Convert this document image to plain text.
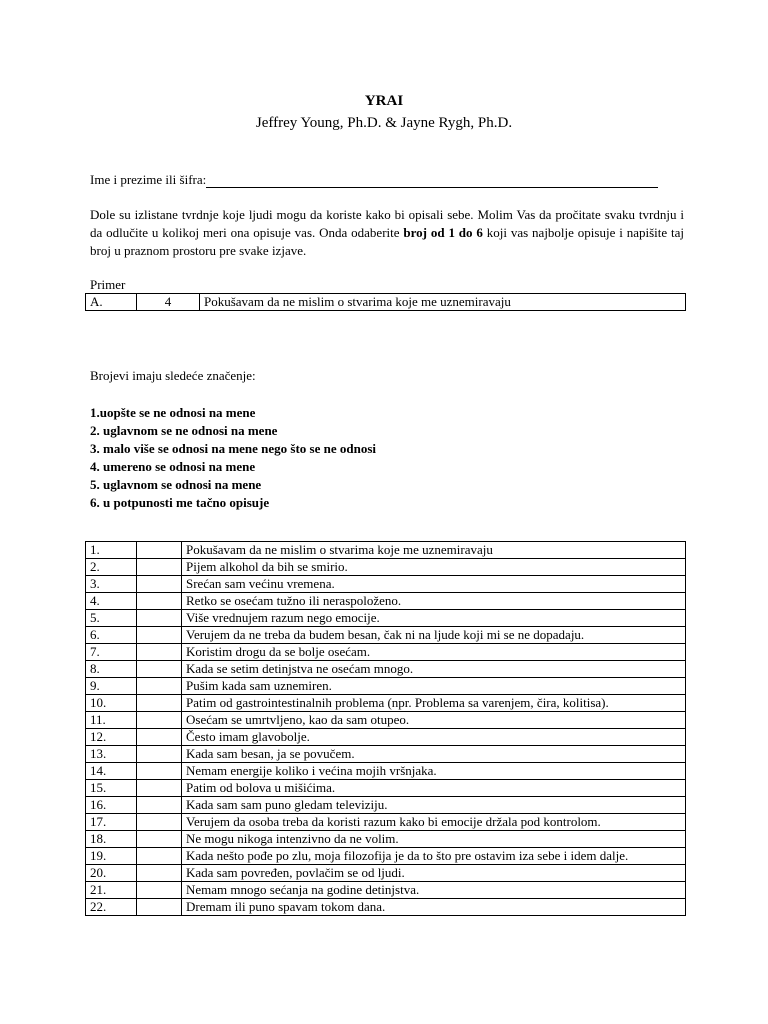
YRAI
Jeffrey Young, Ph.D. & Jayne Rygh, Ph.D.
Ime i prezime ili šifra:
Dole su izlistane tvrdnje koje ljudi mogu da koriste kako bi opisali sebe. Molim Vas da pročitate svaku tvrdnju i da odlučite u kolikoj meri ona opisuje vas. Onda odaberite broj od 1 do 6 koji vas najbolje opisuje i napišite taj broj u praznom prostoru pre svake izjave.
Primer
A.	4	Pokušavam da ne mislim o stvarima koje me uznemiravaju
Brojevi imaju sledeće značenje:
1.uopšte se ne odnosi na mene
2. uglavnom se ne odnosi na mene
3. malo više se odnosi na mene nego što se ne odnosi
4. umereno se odnosi na mene
5. uglavnom se odnosi na mene
6. u potpunosti me tačno opisuje
1.		Pokušavam da ne mislim o stvarima koje me uznemiravaju
2.		Pijem alkohol da bih se smirio.
3.		Srećan sam većinu vremena.
4.		Retko se osećam tužno ili neraspoloženo.
5.		Više vrednujem razum nego emocije.
6.		Verujem da ne treba da budem besan, čak ni na ljude koji mi se ne dopadaju.
7.		Koristim drogu da se bolje osećam.
8.		Kada se setim detinjstva ne osećam mnogo.
9.		Pušim kada sam uznemiren.
10.		Patim od gastrointestinalnih problema (npr. Problema sa varenjem, čira, kolitisa).
11.		Osećam se umrtvljeno, kao da sam otupeo.
12.		Često imam glavobolje.
13.		Kada sam besan, ja se povučem.
14.		Nemam energije koliko i većina mojih vršnjaka.
15.		Patim od bolova u mišićima.
16.		Kada sam sam puno gledam televiziju.
17.		Verujem da osoba treba da koristi razum kako bi emocije držala pod kontrolom.
18.		Ne mogu nikoga intenzivno da ne volim.
19.		Kada nešto pođe po zlu, moja filozofija je da to što pre ostavim iza sebe i idem dalje.
20.		Kada sam povređen, povlačim se od ljudi.
21.		Nemam mnogo sećanja na godine detinjstva.
22.		Dremam ili puno spavam tokom dana.
